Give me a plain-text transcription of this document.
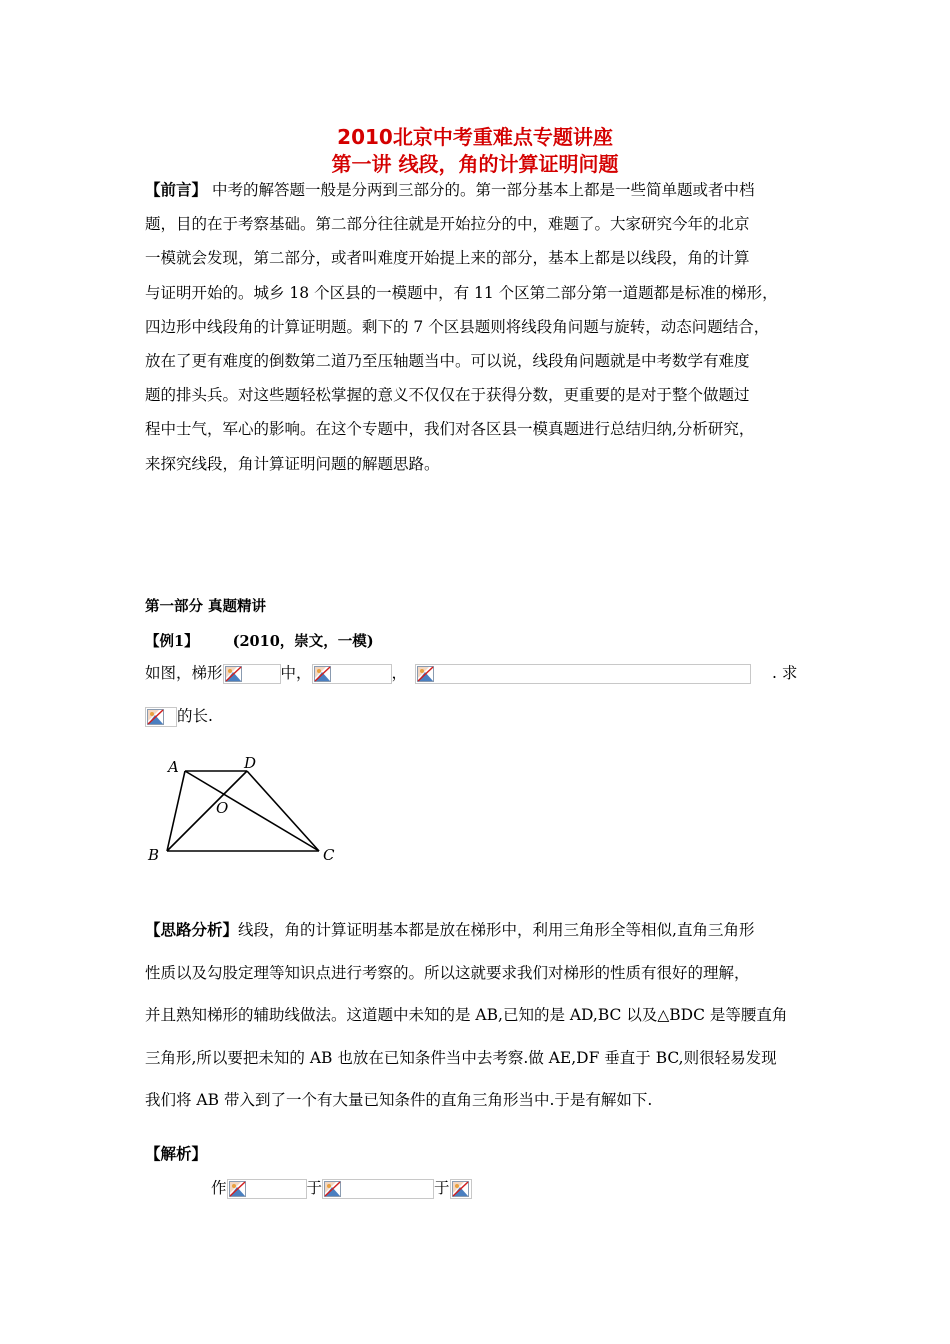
2010北京中考重难点专题讲座
第一讲 线段，角的计算证明问题
【前言】 中考的解答题一般是分两到三部分的。第一部分基本上都是一些简单题或者中档
题，目的在于考察基础。第二部分往往就是开始拉分的中，难题了。大家研究今年的北京
一模就会发现，第二部分，或者叫难度开始提上来的部分，基本上都是以线段，角的计算
与证明开始的。城乡 18 个区县的一模题中，有 11 个区第二部分第一道题都是标准的梯形，
四边形中线段角的计算证明题。剩下的 7 个区县题则将线段角问题与旋转，动态问题结合，
放在了更有难度的倒数第二道乃至压轴题当中。可以说，线段角问题就是中考数学有难度
题的排头兵。对这些题轻松掌握的意义不仅仅在于获得分数，更重要的是对于整个做题过
程中士气，军心的影响。在这个专题中，我们对各区县一模真题进行总结归纳,分析研究，
来探究线段，角计算证明问题的解题思路。
第一部分 真题精讲
【例1】 (2010，崇文，一模)
如图，梯形	中，	，	. 求
的长.
A	D
O
B	C
【思路分析】线段，角的计算证明基本都是放在梯形中，利用三角形全等相似,直角三角形
性质以及勾股定理等知识点进行考察的。所以这就要求我们对梯形的性质有很好的理解，
并且熟知梯形的辅助线做法。这道题中未知的是 AB,已知的是 AD,BC 以及△BDC 是等腰直角
三角形,所以要把未知的 AB 也放在已知条件当中去考察.做 AE,DF 垂直于 BC,则很轻易发现
我们将 AB 带入到了一个有大量已知条件的直角三角形当中.于是有解如下.
【解析】
作	于	于
